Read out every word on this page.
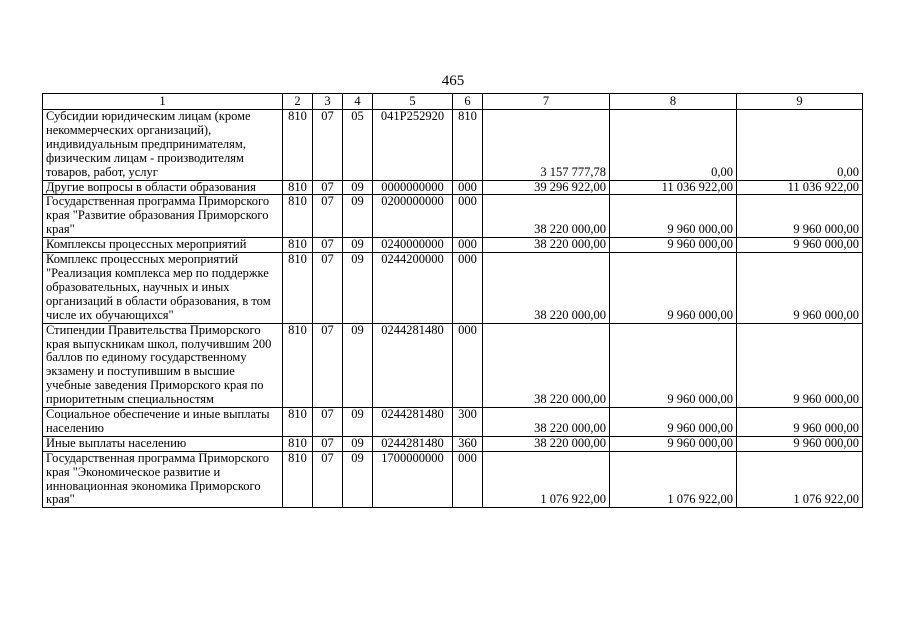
465
1	2	3	4	5	6	7	8	9
Субсидии юридическим лицам (кроме некоммерческих организаций), индивидуальным предпринимателям, физическим лицам - производителям товаров, работ, услуг	810	07	05	041P252920	810	3 157 777,78	0,00	0,00
Другие вопросы в области образования	810	07	09	0000000000	000	39 296 922,00	11 036 922,00	11 036 922,00
Государственная программа Приморского края "Развитие образования Приморского края"	810	07	09	0200000000	000	38 220 000,00	9 960 000,00	9 960 000,00
Комплексы процессных мероприятий	810	07	09	0240000000	000	38 220 000,00	9 960 000,00	9 960 000,00
Комплекс процессных мероприятий "Реализация комплекса мер по поддержке образовательных, научных и иных организаций в области образования, в том числе их обучающихся"	810	07	09	0244200000	000	38 220 000,00	9 960 000,00	9 960 000,00
Стипендии Правительства Приморского края выпускникам школ, получившим 200 баллов по единому государственному экзамену и поступившим в высшие учебные заведения Приморского края по приоритетным специальностям	810	07	09	0244281480	000	38 220 000,00	9 960 000,00	9 960 000,00
Социальное обеспечение и иные выплаты населению	810	07	09	0244281480	300	38 220 000,00	9 960 000,00	9 960 000,00
Иные выплаты населению	810	07	09	0244281480	360	38 220 000,00	9 960 000,00	9 960 000,00
Государственная программа Приморского края "Экономическое развитие и инновационная экономика Приморского края"	810	07	09	1700000000	000	1 076 922,00	1 076 922,00	1 076 922,00
